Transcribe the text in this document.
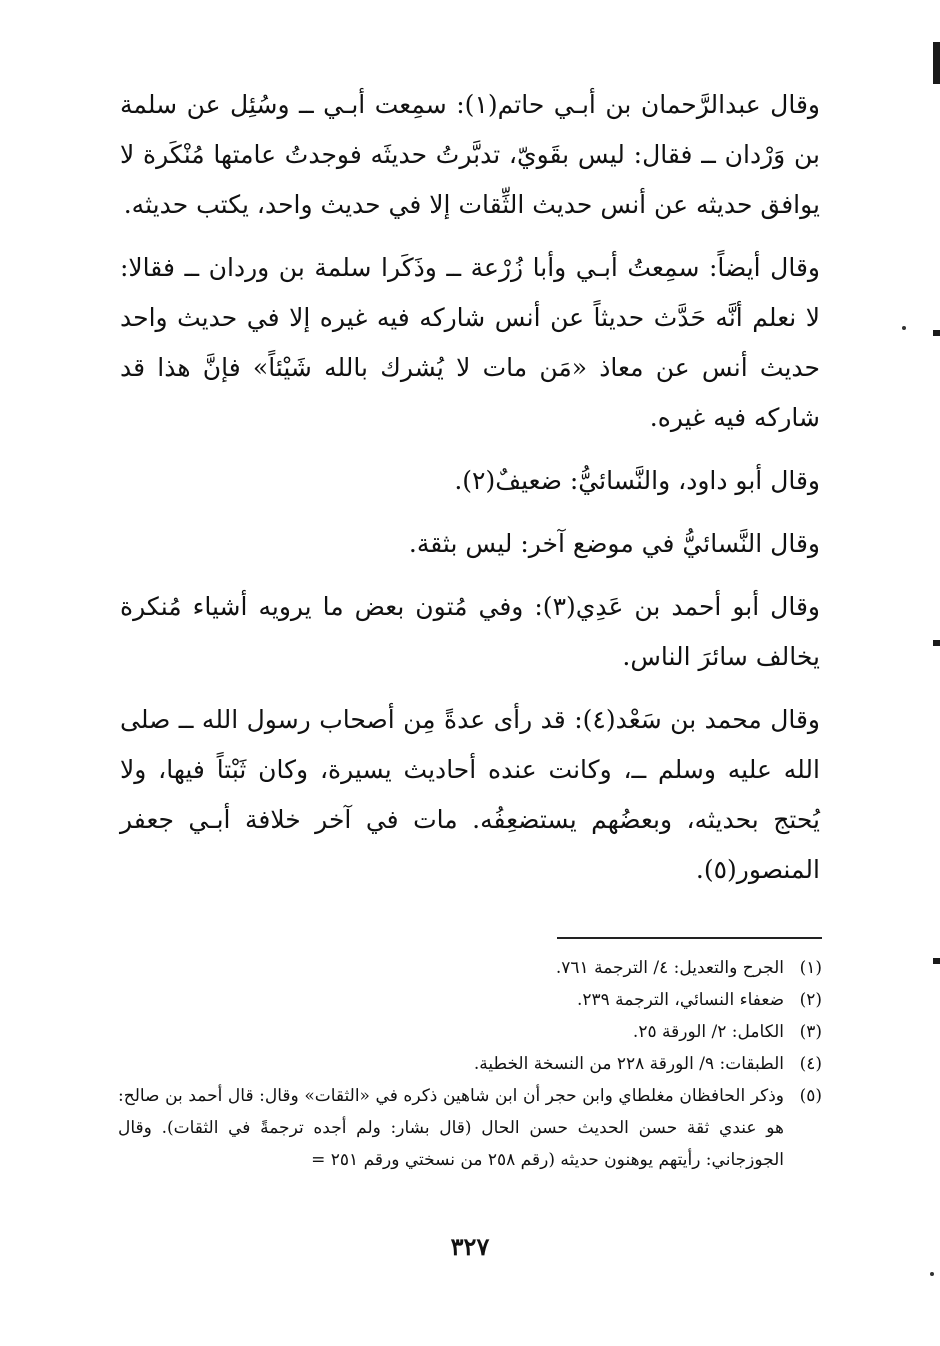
وقال عبدالرَّحمان بن أبـي حاتم(١): سمِعت أبـي ــ وسُئِل عن سلمة بن وَرْدان ــ فقال: ليس بقَويّ، تدبَّرتُ حديثَه فوجدتُ عامتها مُنْكَرة لا يوافق حديثه عن أنس حديث الثِّقات إلا في حديث واحد، يكتب حديثه.

وقال أيضاً: سمِعتُ أبـي وأبا زُرْعة ــ وذَكَرا سلمة بن وردان ــ فقالا: لا نعلم أنَّه حَدَّث حديثاً عن أنس شاركه فيه غيره إلا في حديث واحد حديث أنس عن معاذ «مَن مات لا يُشرك بالله شَيْئاً» فإنَّ هذا قد شاركه فيه غيره.

وقال أبو داود، والنَّسائيُّ: ضعيفٌ(٢).

وقال النَّسائيُّ في موضع آخر: ليس بثقة.

وقال أبو أحمد بن عَدِي(٣): وفي مُتون بعض ما يرويه أشياء مُنكرة يخالف سائرَ الناس.

وقال محمد بن سَعْد(٤): قد رأى عدةً مِن أصحاب رسول الله ــ صلى الله عليه وسلم ــ، وكانت عنده أحاديث يسيرة، وكان ثَبْتاً فيها، ولا يُحتج بحديثه، وبعضُهم يستضعِفُه. مات في آخر خلافة أبـي جعفر المنصور(٥).

(١)
الجرح والتعديل: ٤/ الترجمة ٧٦١.
(٢)
ضعفاء النسائي، الترجمة ٢٣٩.
(٣)
الكامل: ٢/ الورقة ٢٥.
(٤)
الطبقات: ٩/ الورقة ٢٢٨ من النسخة الخطية.
(٥)
وذكر الحافظان مغلطاي وابن حجر أن ابن شاهين ذكره في «الثقات» وقال: قال أحمد بن صالح: هو عندي ثقة حسن الحديث حسن الحال (قال بشار: ولم أجده ترجمةً في الثقات). وقال الجوزجاني: رأيتهم يوهنون حديثه (رقم ٢٥٨ من نسختي ورقم ٢٥١ =
٣٢٧
